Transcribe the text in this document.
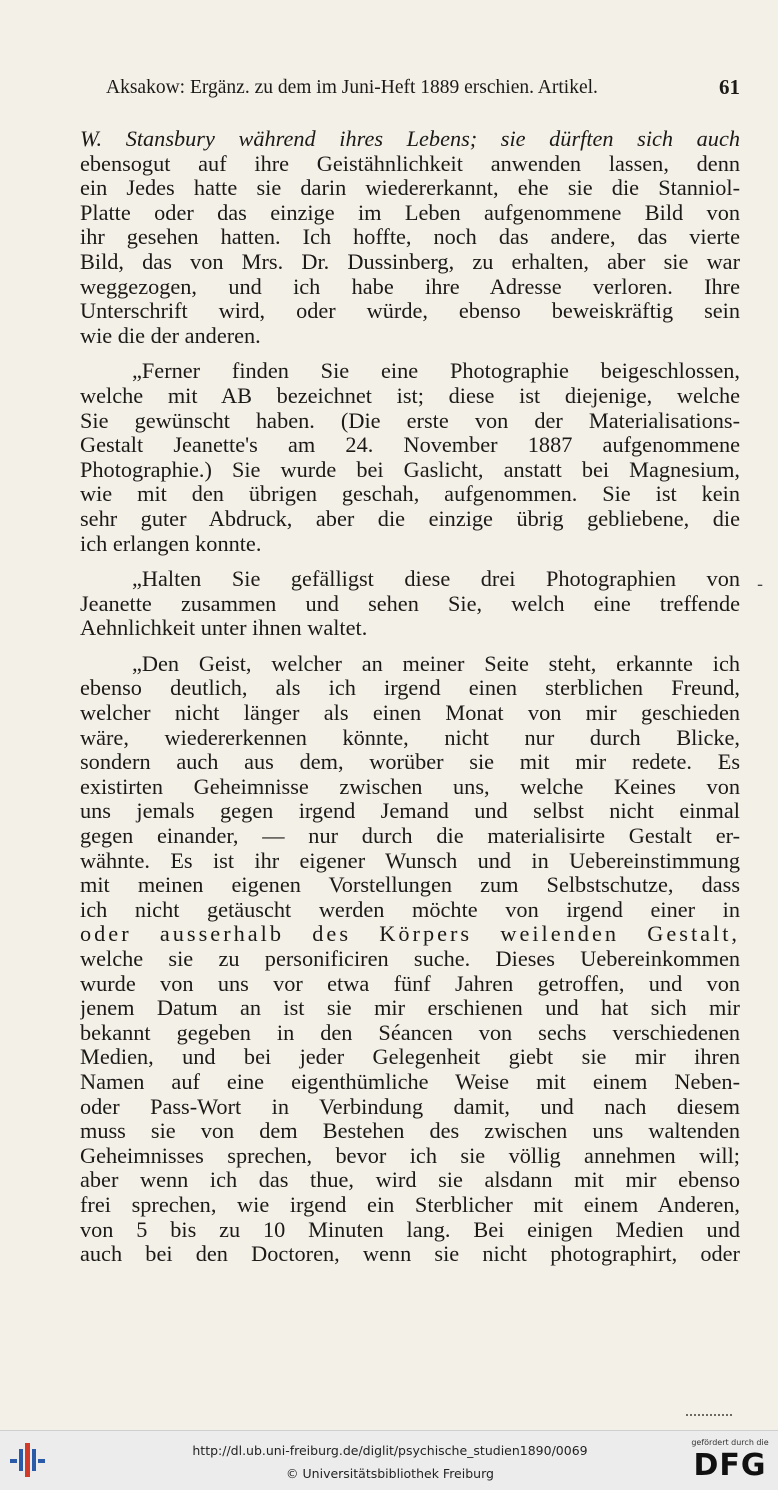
Aksakow: Ergänz. zu dem im Juni-Heft 1889 erschien. Artikel.	61
W. Stansbury während ihres Lebens; sie dürften sich auch
ebensogut auf ihre Geistähnlichkeit anwenden lassen, denn
ein Jedes hatte sie darin wiedererkannt, ehe sie die Stanniol-
Platte oder das einzige im Leben aufgenommene Bild von
ihr gesehen hatten. Ich hoffte, noch das andere, das vierte
Bild, das von Mrs. Dr. Dussinberg, zu erhalten, aber sie war
weggezogen, und ich habe ihre Adresse verloren. Ihre
Unterschrift wird, oder würde, ebenso beweiskräftig sein
wie die der anderen.
„Ferner finden Sie eine Photographie beigeschlossen,
welche mit AB bezeichnet ist; diese ist diejenige, welche
Sie gewünscht haben. (Die erste von der Materialisations-
Gestalt Jeanette's am 24. November 1887 aufgenommene
Photographie.) Sie wurde bei Gaslicht, anstatt bei Magnesium,
wie mit den übrigen geschah, aufgenommen. Sie ist kein
sehr guter Abdruck, aber die einzige übrig gebliebene, die
ich erlangen konnte.
„Halten Sie gefälligst diese drei Photographien von
Jeanette zusammen und sehen Sie, welch eine treffende
Aehnlichkeit unter ihnen waltet.
„Den Geist, welcher an meiner Seite steht, erkannte ich
ebenso deutlich, als ich irgend einen sterblichen Freund,
welcher nicht länger als einen Monat von mir geschieden
wäre, wiedererkennen könnte, nicht nur durch Blicke,
sondern auch aus dem, worüber sie mit mir redete. Es
existirten Geheimnisse zwischen uns, welche Keines von
uns jemals gegen irgend Jemand und selbst nicht einmal
gegen einander, — nur durch die materialisirte Gestalt er-
wähnte. Es ist ihr eigener Wunsch und in Uebereinstimmung
mit meinen eigenen Vorstellungen zum Selbstschutze, dass
ich nicht getäuscht werden möchte von irgend einer in
oder ausserhalb des Körpers weilenden Gestalt,
welche sie zu personificiren suche. Dieses Uebereinkommen
wurde von uns vor etwa fünf Jahren getroffen, und von
jenem Datum an ist sie mir erschienen und hat sich mir
bekannt gegeben in den Séancen von sechs verschiedenen
Medien, und bei jeder Gelegenheit giebt sie mir ihren
Namen auf eine eigenthümliche Weise mit einem Neben-
oder Pass-Wort in Verbindung damit, und nach diesem
muss sie von dem Bestehen des zwischen uns waltenden
Geheimnisses sprechen, bevor ich sie völlig annehmen will;
aber wenn ich das thue, wird sie alsdann mit mir ebenso
frei sprechen, wie irgend ein Sterblicher mit einem Anderen,
von 5 bis zu 10 Minuten lang. Bei einigen Medien und
auch bei den Doctoren, wenn sie nicht photographirt, oder
-
http://dl.ub.uni-freiburg.de/diglit/psychische_studien1890/0069
© Universitätsbibliothek Freiburg
gefördert durch die
DFG
